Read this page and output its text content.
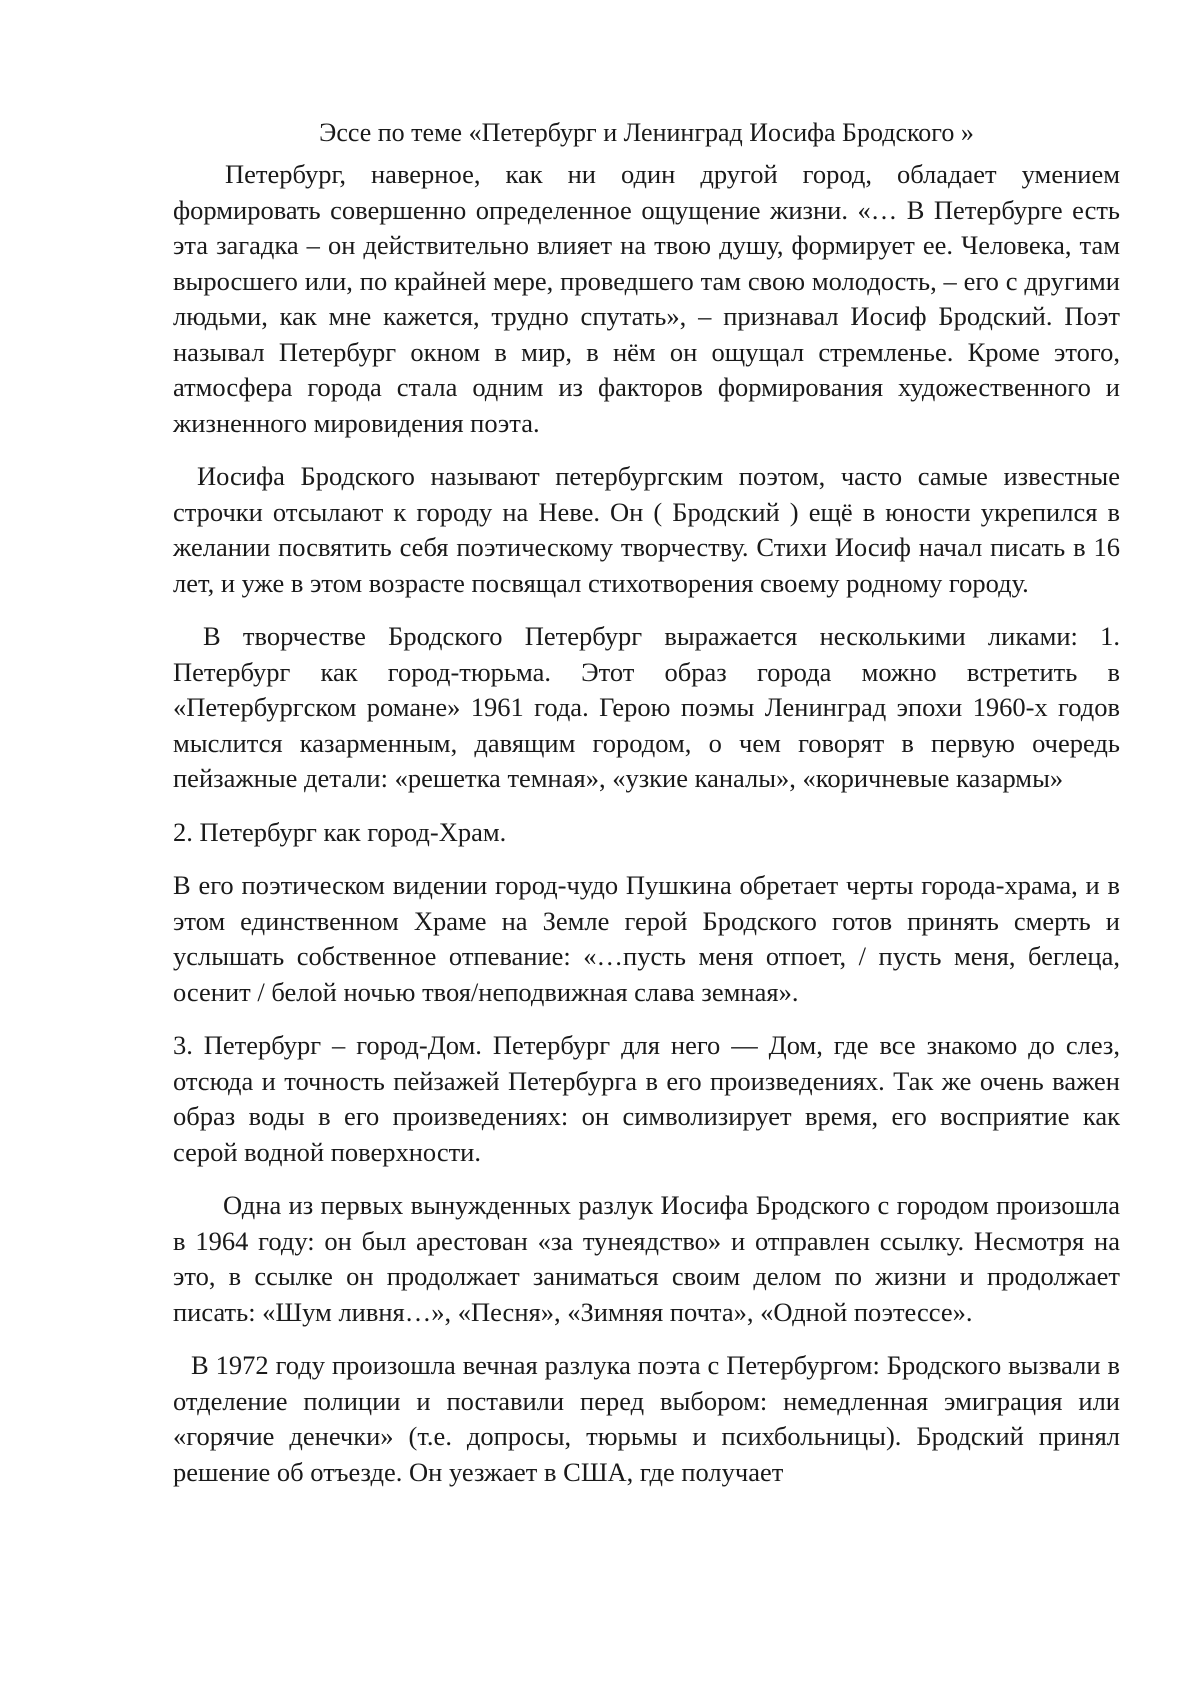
Эссе по теме «Петербург и Ленинград Иосифа Бродского »

Петербург, наверное, как ни один другой город, обладает умением формировать совершенно определенное ощущение жизни. «… В Петербурге есть эта загадка – он действительно влияет на твою душу, формирует ее. Человека, там выросшего или, по крайней мере, проведшего там свою молодость, – его с другими людьми, как мне кажется, трудно спутать», – признавал Иосиф Бродский. Поэт называл Петербург окном в мир, в нём он ощущал стремленье. Кроме этого, атмосфера города стала одним из факторов формирования художественного и жизненного мировидения поэта.

Иосифа Бродского называют петербургским поэтом, часто самые известные строчки отсылают к городу на Неве. Он ( Бродский ) ещё в юности укрепился в желании посвятить себя поэтическому творчеству. Стихи Иосиф начал писать в 16 лет, и уже в этом возрасте посвящал стихотворения своему родному городу.

В творчестве Бродского Петербург выражается несколькими ликами: 1. Петербург как город-тюрьма. Этот образ города можно встретить в «Петербургском романе» 1961 года. Герою поэмы Ленинград эпохи 1960-х годов мыслится казарменным, давящим городом, о чем говорят в первую очередь пейзажные детали: «решетка темная», «узкие каналы», «коричневые казармы»

2. Петербург как город-Храм.

В его поэтическом видении город-чудо Пушкина обретает черты города-храма, и в этом единственном Храме на Земле герой Бродского готов принять смерть и услышать собственное отпевание: «…пусть меня отпоет, / пусть меня, беглеца, осенит / белой ночью твоя/неподвижная слава земная».

3. Петербург – город-Дом. Петербург для него — Дом, где все знакомо до слез, отсюда и точность пейзажей Петербурга в его произведениях. Так же очень важен образ воды в его произведениях: он символизирует время, его восприятие как серой водной поверхности.

Одна из первых вынужденных разлук Иосифа Бродского с городом произошла в 1964 году: он был арестован «за тунеядство» и отправлен ссылку. Несмотря на это, в ссылке он продолжает заниматься своим делом по жизни и продолжает писать: «Шум ливня…», «Песня», «Зимняя почта», «Одной поэтессе».

В 1972 году произошла вечная разлука поэта с Петербургом: Бродского вызвали в отделение полиции и поставили перед выбором: немедленная эмиграция или «горячие денечки» (т.е. допросы, тюрьмы и психбольницы). Бродский принял решение об отъезде. Он уезжает в США, где получает
